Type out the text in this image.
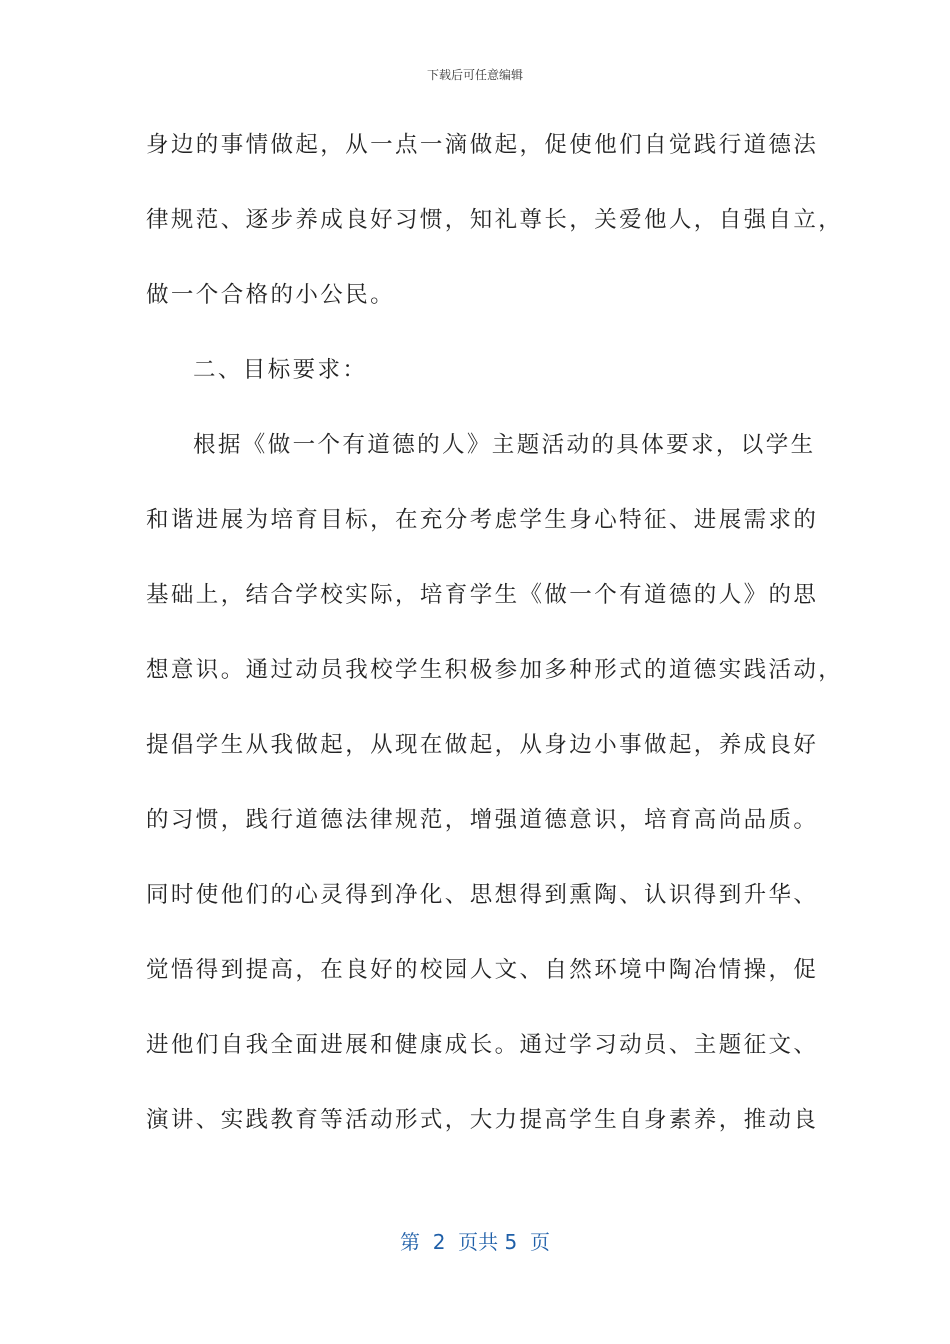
下载后可任意编辑
身边的事情做起，从一点一滴做起，促使他们自觉践行道德法
律规范、逐步养成良好习惯，知礼尊长，关爱他人，自强自立，
做一个合格的小公民。
二、目标要求：
根据《做一个有道德的人》主题活动的具体要求，以学生
和谐进展为培育目标，在充分考虑学生身心特征、进展需求的
基础上，结合学校实际，培育学生《做一个有道德的人》的思
想意识。通过动员我校学生积极参加多种形式的道德实践活动，
提倡学生从我做起，从现在做起，从身边小事做起，养成良好
的习惯，践行道德法律规范，增强道德意识，培育高尚品质。
同时使他们的心灵得到净化、思想得到熏陶、认识得到升华、
觉悟得到提高，在良好的校园人文、自然环境中陶冶情操，促
进他们自我全面进展和健康成长。通过学习动员、主题征文、
演讲、实践教育等活动形式，大力提高学生自身素养，推动良
第  2  页共 5  页
